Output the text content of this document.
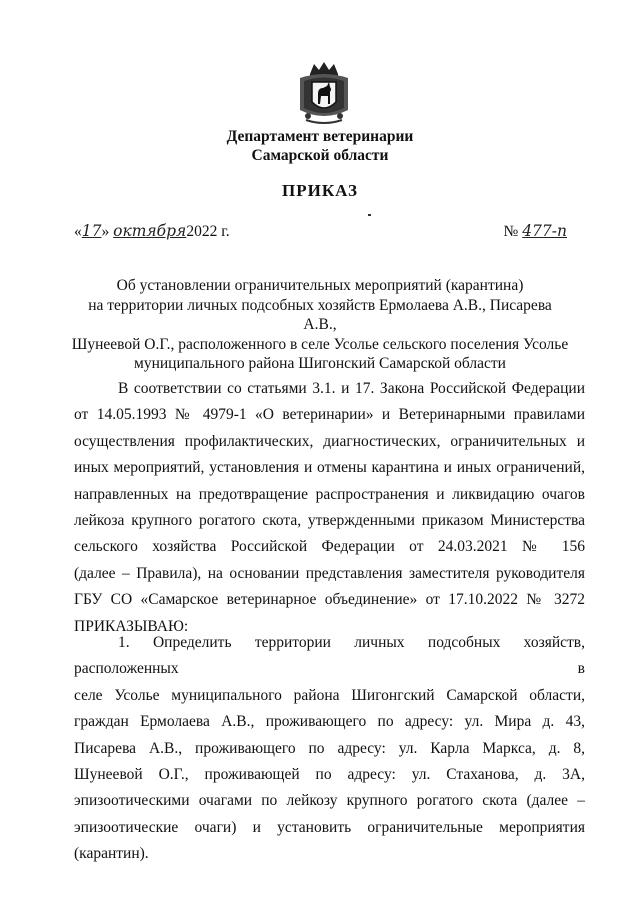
Департамент ветеринарии
Самарской области
ПРИКАЗ
«17» октября2022 г.	№ 477-п
Об установлении ограничительных мероприятий (карантина)
на территории личных подсобных хозяйств Ермолаева А.В., Писарева А.В.,
Шунеевой О.Г., расположенного в селе Усолье сельского поселения Усолье
муниципального района Шигонский Самарской области
В соответствии со статьями 3.1. и 17. Закона Российской Федерации
от 14.05.1993 № 4979-1 «О ветеринарии» и Ветеринарными правилами
осуществления профилактических, диагностических, ограничительных и
иных мероприятий, установления и отмены карантина и иных ограничений,
направленных на предотвращение распространения и ликвидацию очагов
лейкоза крупного рогатого скота, утвержденными приказом Министерства
сельского хозяйства Российской Федерации от 24.03.2021 № 156
(далее – Правила), на основании представления заместителя руководителя
ГБУ СО «Самарское ветеринарное объединение» от 17.10.2022 № 3272
ПРИКАЗЫВАЮ:
1. Определить территории личных подсобных хозяйств, расположенных в
селе Усолье муниципального района Шигонгский Самарской области,
граждан Ермолаева А.В., проживающего по адресу: ул. Мира д. 43,
Писарева А.В., проживающего по адресу: ул. Карла Маркса, д. 8,
Шунеевой О.Г., проживающей по адресу: ул. Стаханова, д. 3А,
эпизоотическими очагами по лейкозу крупного рогатого скота (далее –
эпизоотические очаги) и установить ограничительные мероприятия
(карантин).
